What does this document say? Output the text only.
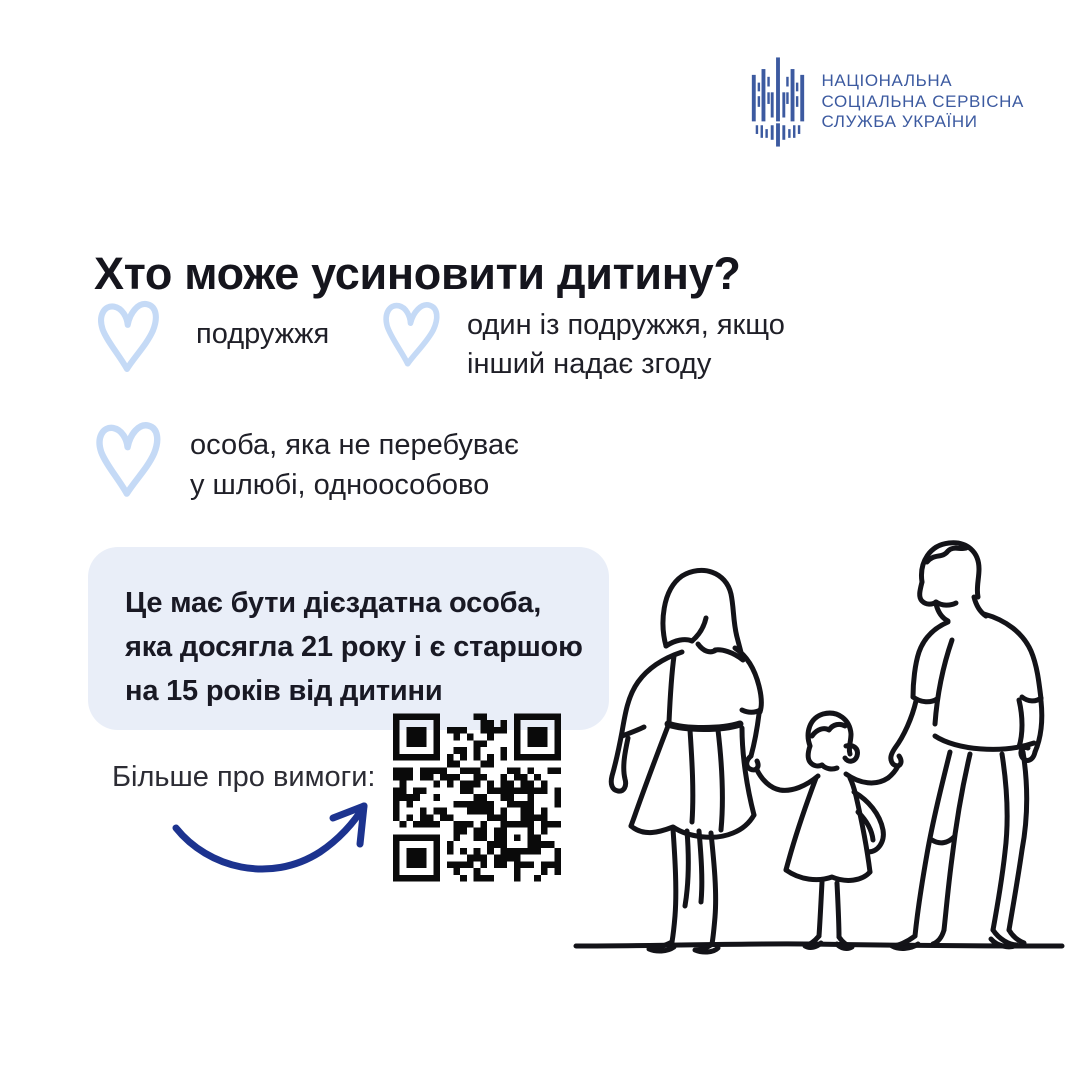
НАЦІОНАЛЬНА
СОЦІАЛЬНА СЕРВІСНА
СЛУЖБА УКРАЇНИ
Хто може усиновити дитину?
подружжя	один із подружжя, якщо
інший надає згоду
особа, яка не перебуває
у шлюбі, одноособово
Це має бути дієздатна особа,
яка досягла 21 року і є старшою
на 15 років від дитини
Більше про вимоги:
